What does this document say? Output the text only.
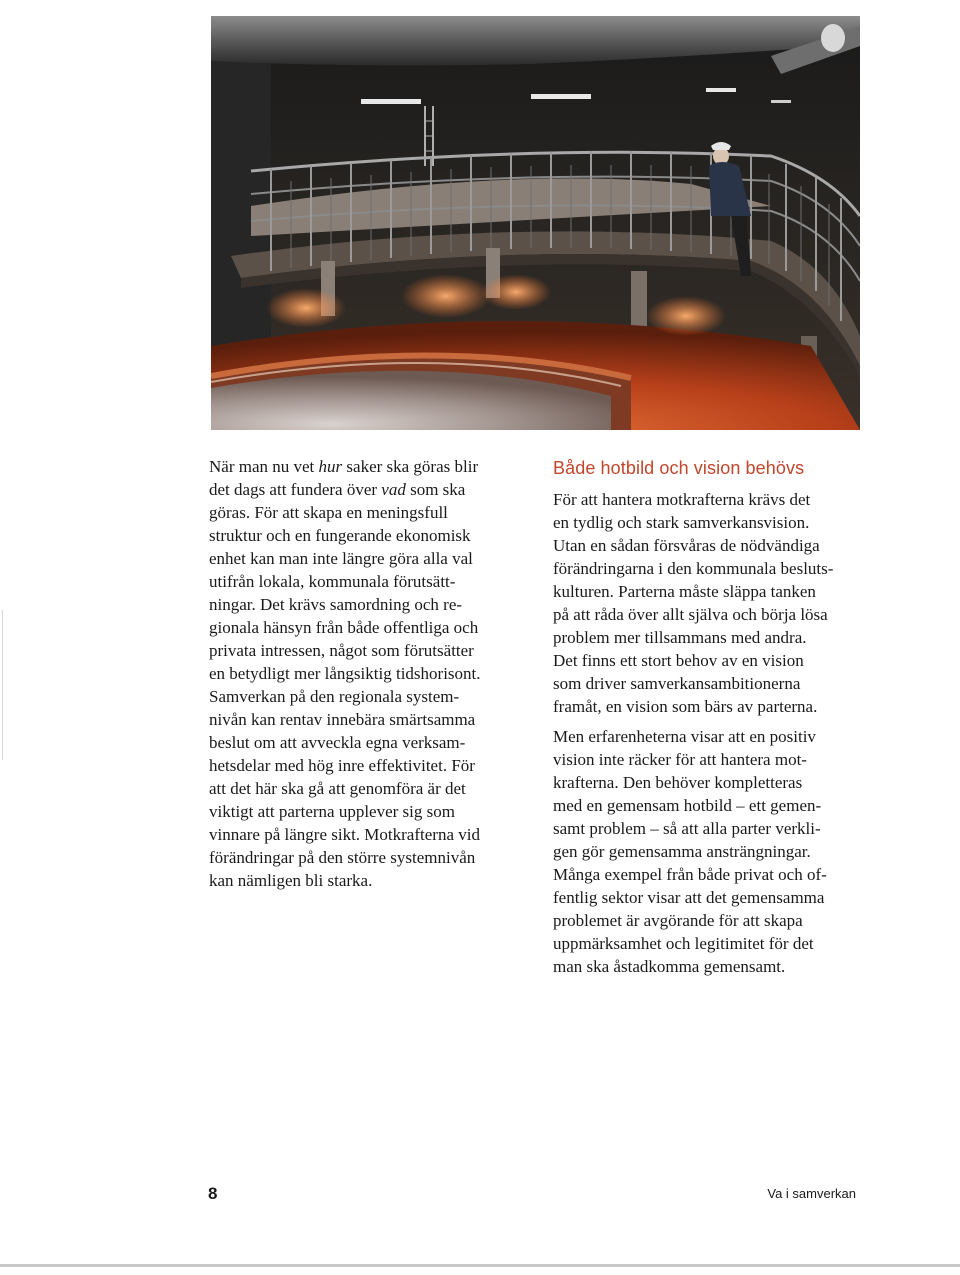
När man nu vet hur saker ska göras blir
det dags att fundera över vad som ska
göras. För att skapa en meningsfull
struktur och en fungerande ekonomisk
enhet kan man inte längre göra alla val
utifrån lokala, kommunala förutsätt-
ningar. Det krävs samordning och re-
gionala hänsyn från både offentliga och
privata intressen, något som förutsätter
en betydligt mer långsiktig tidshorisont.
Samverkan på den regionala system-
nivån kan rentav innebära smärtsamma
beslut om att avveckla egna verksam-
hetsdelar med hög inre effektivitet. För
att det här ska gå att genomföra är det
viktigt att parterna upplever sig som
vinnare på längre sikt. Motkrafterna vid
förändringar på den större systemnivån
kan nämligen bli starka.

Både hotbild och vision behövs

För att hantera motkrafterna krävs det
en tydlig och stark samverkansvision.
Utan en sådan försvåras de nödvändiga
förändringarna i den kommunala besluts-
kulturen. Parterna måste släppa tanken
på att råda över allt själva och börja lösa
problem mer tillsammans med andra.
Det finns ett stort behov av en vision
som driver samverkansambitionerna
framåt, en vision som bärs av parterna.

Men erfarenheterna visar att en positiv
vision inte räcker för att hantera mot-
krafterna. Den behöver kompletteras
med en gemensam hotbild – ett gemen-
samt problem – så att alla parter verkli-
gen gör gemensamma ansträngningar.
Många exempel från både privat och of-
fentlig sektor visar att det gemensamma
problemet är avgörande för att skapa
uppmärksamhet och legitimitet för det
man ska åstadkomma gemensamt.

8	Va i samverkan
